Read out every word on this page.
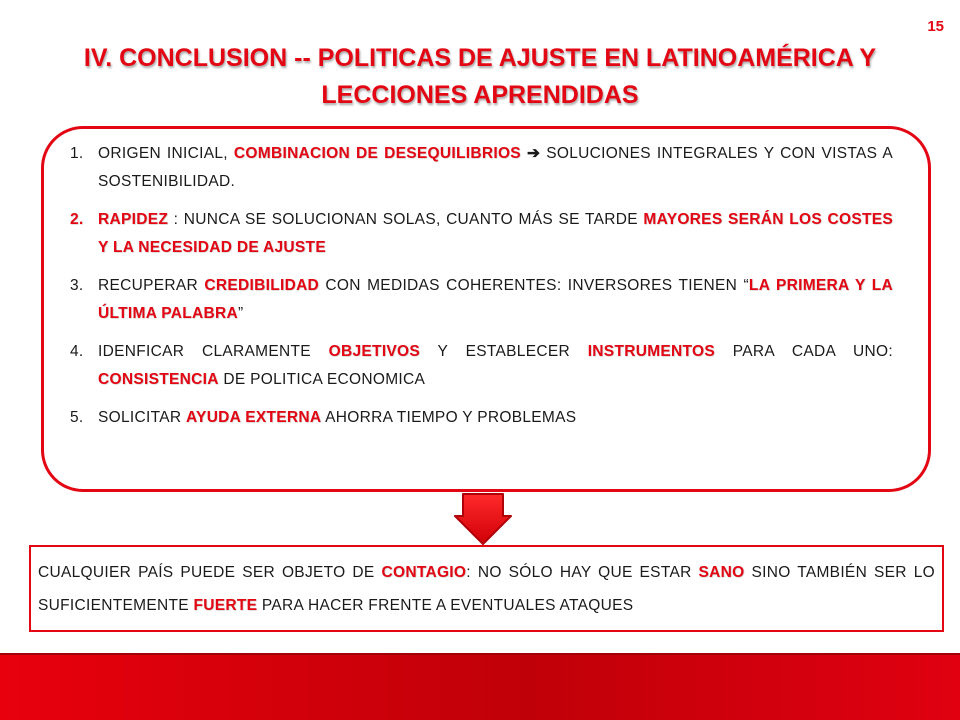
15
IV. CONCLUSION -- POLITICAS DE AJUSTE EN LATINOAMÉRICA Y
LECCIONES APRENDIDAS
1. ORIGEN INICIAL, COMBINACION DE DESEQUILIBRIOS ➔ SOLUCIONES INTEGRALES Y CON VISTAS A SOSTENIBILIDAD.
2. RAPIDEZ : NUNCA SE SOLUCIONAN SOLAS, CUANTO MÁS SE TARDE MAYORES SERÁN LOS COSTES Y LA NECESIDAD DE AJUSTE
3. RECUPERAR CREDIBILIDAD CON MEDIDAS COHERENTES: INVERSORES TIENEN “LA PRIMERA Y LA ÚLTIMA PALABRA”
4. IDENFICAR CLARAMENTE OBJETIVOS Y ESTABLECER INSTRUMENTOS PARA CADA UNO: CONSISTENCIA DE POLITICA ECONOMICA
5. SOLICITAR AYUDA EXTERNA AHORRA TIEMPO Y PROBLEMAS
CUALQUIER PAÍS PUEDE SER OBJETO DE CONTAGIO: NO SÓLO HAY QUE ESTAR SANO SINO TAMBIÉN SER LO SUFICIENTEMENTE FUERTE PARA HACER FRENTE A EVENTUALES ATAQUES
